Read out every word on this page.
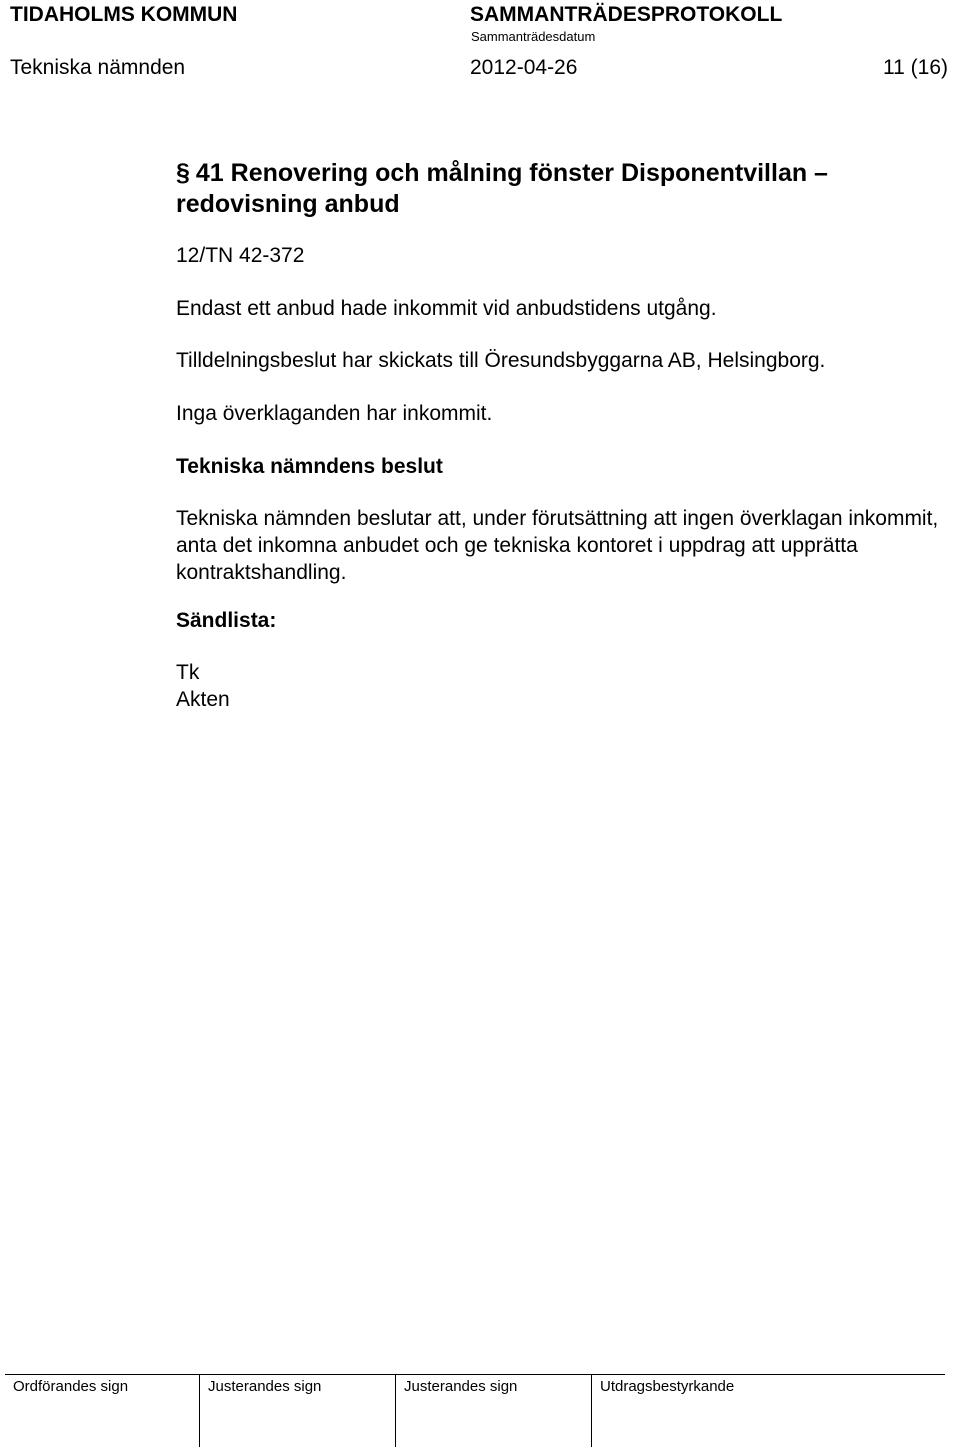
TIDAHOLMS KOMMUN	SAMMANTRÄDESPROTOKOLL
Sammanträdesdatum
Tekniska nämnden	2012-04-26	11 (16)
§ 41 Renovering och målning fönster Disponentvillan – redovisning anbud
12/TN 42-372
Endast ett anbud hade inkommit vid anbudstidens utgång.
Tilldelningsbeslut har skickats till Öresundsbyggarna AB, Helsingborg.
Inga överklaganden har inkommit.
Tekniska nämndens beslut
Tekniska nämnden beslutar att, under förutsättning att ingen överklagan inkommit, anta det inkomna anbudet och ge tekniska kontoret i uppdrag att upprätta kontraktshandling.
Sändlista:
Tk
Akten
Ordförandes sign	Justerandes sign	Justerandes sign	Utdragsbestyrkande
